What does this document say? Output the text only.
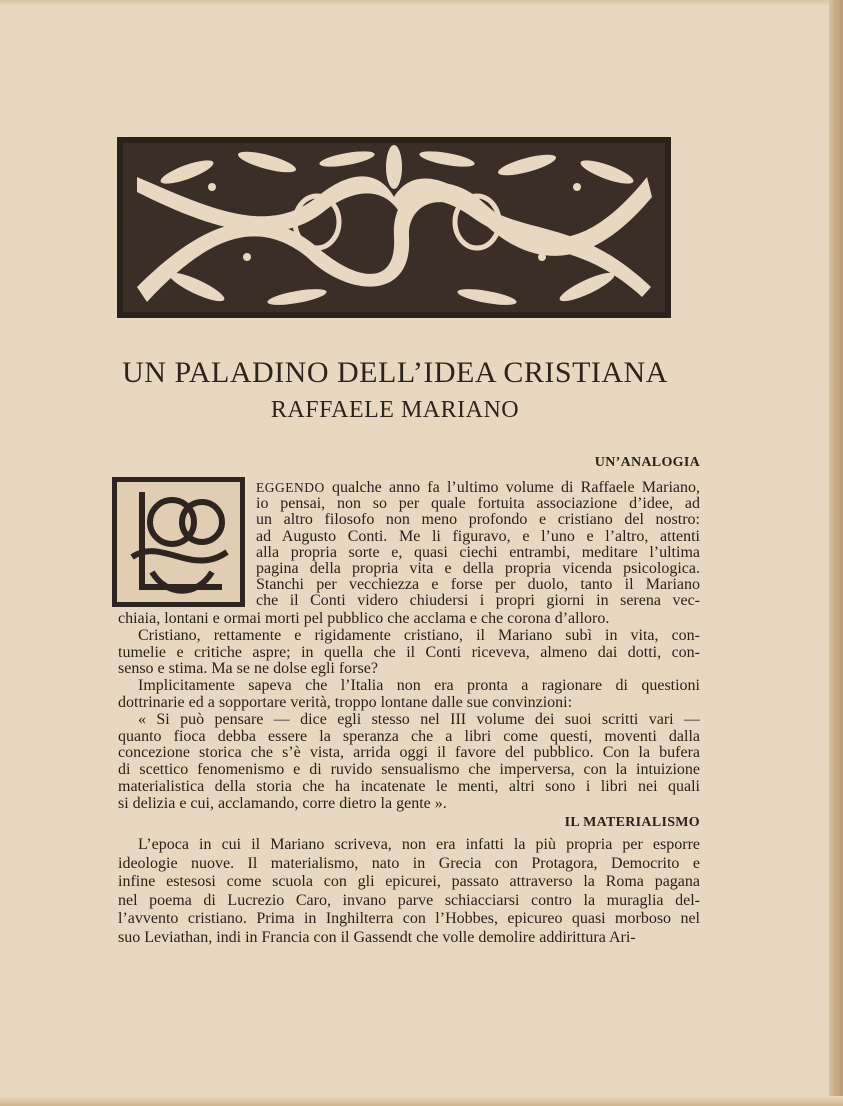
UN PALADINO DELL’IDEA CRISTIANA
RAFFAELE MARIANO
UN’ANALOGIA
EGGENDO qualche anno fa l’ultimo volume di Raffaele Mariano,
io pensai, non so per quale fortuita associazione d’idee, ad
un altro filosofo non meno profondo e cristiano del nostro:
ad Augusto Conti. Me li figuravo, e l’uno e l’altro, attenti
alla propria sorte e, quasi ciechi entrambi, meditare l’ultima
pagina della propria vita e della propria vicenda psicologica.
Stanchi per vecchiezza e forse per duolo, tanto il Mariano
che il Conti videro chiudersi i propri giorni in serena vec-
chiaia, lontani e ormai morti pel pubblico che acclama e che corona d’alloro.
Cristiano, rettamente e rigidamente cristiano, il Mariano subì in vita, con-
tumelie e critiche aspre; in quella che il Conti riceveva, almeno dai dotti, con-
senso e stima. Ma se ne dolse egli forse?
Implicitamente sapeva che l’Italia non era pronta a ragionare di questioni
dottrinarie ed a sopportare verità, troppo lontane dalle sue convinzioni:
« Si può pensare — dice egli stesso nel III volume dei suoi scritti vari —
quanto fioca debba essere la speranza che a libri come questi, moventi dalla
concezione storica che s’è vista, arrida oggi il favore del pubblico. Con la bufera
di scettico fenomenismo e di ruvido sensualismo che imperversa, con la intuizione
materialistica della storia che ha incatenate le menti, altri sono i libri nei quali
si delizia e cui, acclamando, corre dietro la gente ».
IL MATERIALISMO
L’epoca in cui il Mariano scriveva, non era infatti la più propria per esporre
ideologie nuove. Il materialismo, nato in Grecia con Protagora, Democrito e
infine estesosi come scuola con gli epicurei, passato attraverso la Roma pagana
nel poema di Lucrezio Caro, invano parve schiacciarsi contro la muraglia del-
l’avvento cristiano. Prima in Inghilterra con l’Hobbes, epicureo quasi morboso nel
suo Leviathan, indi in Francia con il Gassendt che volle demolire addirittura Ari-
